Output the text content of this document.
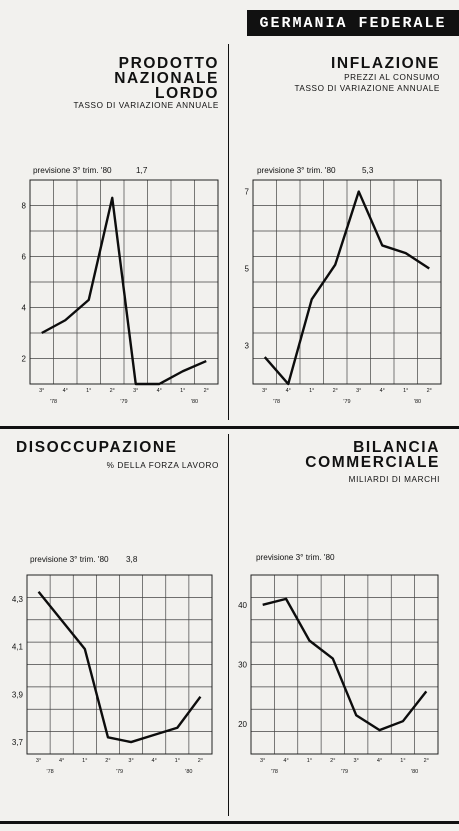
GERMANIA FEDERALE
PRODOTTO
NAZIONALE
LORDO
TASSO DI VARIAZIONE ANNUALE
previsione 3° trim. '80	1,7
INFLAZIONE
PREZZI AL CONSUMO
TASSO DI VARIAZIONE ANNUALE
previsione 3° trim. '80	5,3
DISOCCUPAZIONE
% DELLA FORZA LAVORO
previsione 3° trim. '80 3,8
BILANCIA
COMMERCIALE
MILIARDI DI MARCHI
previsione 3° trim. '80
2
4
6
8
3°	4°	1°	2°	3°	4°	1°	2°
'78	'79	'80
3
5
7
3°	4°	1°	2°	3°	4°	1°	2°
'78	'79	'80
3,7
3,9
4,1
4,3
3°	4°	1°	2°	3°	4°	1°	2°
'78	'79	'80
20
30
40
3°	4°	1°	2°	3°	4°	1°	2°
'78	'79	'80
